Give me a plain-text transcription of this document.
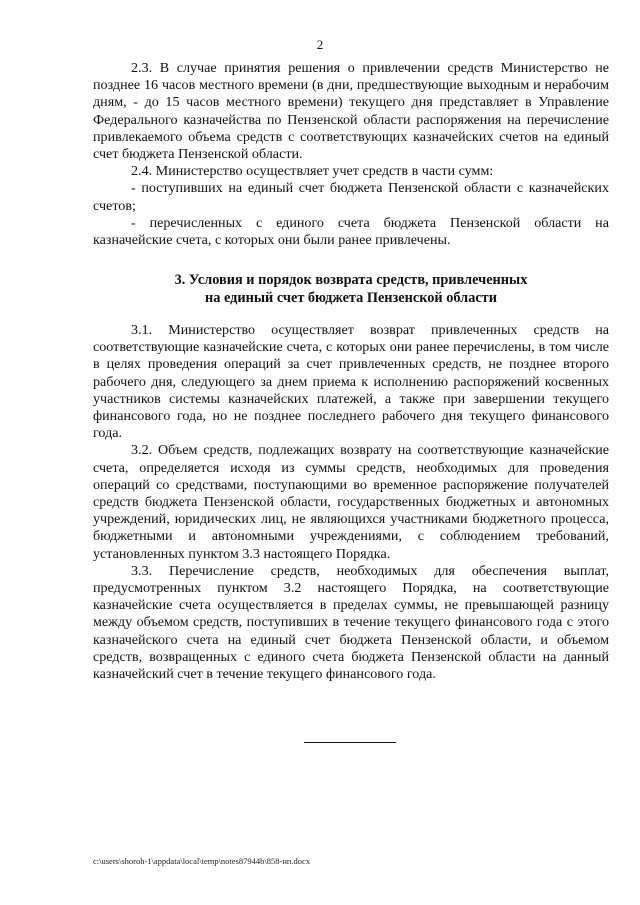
2

2.3. В случае принятия решения о привлечении средств Министерство не позднее 16 часов местного времени (в дни, предшествующие выходным и нерабочим дням, - до 15 часов местного времени) текущего дня представляет в Управление Федерального казначейства по Пензенской области распоряжения на перечисление привлекаемого объема средств с соответствующих казначейских счетов на единый счет бюджета Пензенской области.

2.4. Министерство осуществляет учет средств в части сумм:

- поступивших на единый счет бюджета Пензенской области с казначейских счетов;

- перечисленных с единого счета бюджета Пензенской области на казначейские счета, с которых они были ранее привлечены.

3. Условия и порядок возврата средств, привлеченных
на единый счет бюджета Пензенской области

3.1. Министерство осуществляет возврат привлеченных средств на соответствующие казначейские счета, с которых они ранее перечислены, в том числе в целях проведения операций за счет привлеченных средств, не позднее второго рабочего дня, следующего за днем приема к исполнению распоряжений косвенных участников системы казначейских платежей, а также при завершении текущего финансового года, но не позднее последнего рабочего дня текущего финансового года.

3.2. Объем средств, подлежащих возврату на соответствующие казначейские счета, определяется исходя из суммы средств, необходимых для проведения операций со средствами, поступающими во временное распоряжение получателей средств бюджета Пензенской области, государственных бюджетных и автономных учреждений, юридических лиц, не являющихся участниками бюджетного процесса, бюджетными и автономными учреждениями, с соблюдением требований, установленных пунктом 3.3 настоящего Порядка.

3.3. Перечисление средств, необходимых для обеспечения выплат, предусмотренных пунктом 3.2 настоящего Порядка, на соответствующие казначейские счета осуществляется в пределах суммы, не превышающей разницу между объемом средств, поступивших в течение текущего финансового года с этого казначейского счета на единый счет бюджета Пензенской области, и объемом средств, возвращенных с единого счета бюджета Пензенской области на данный казначейский счет в течение текущего финансового года.

c:\users\shoroh-1\appdata\local\temp\notes87944b\858-нп.docx
